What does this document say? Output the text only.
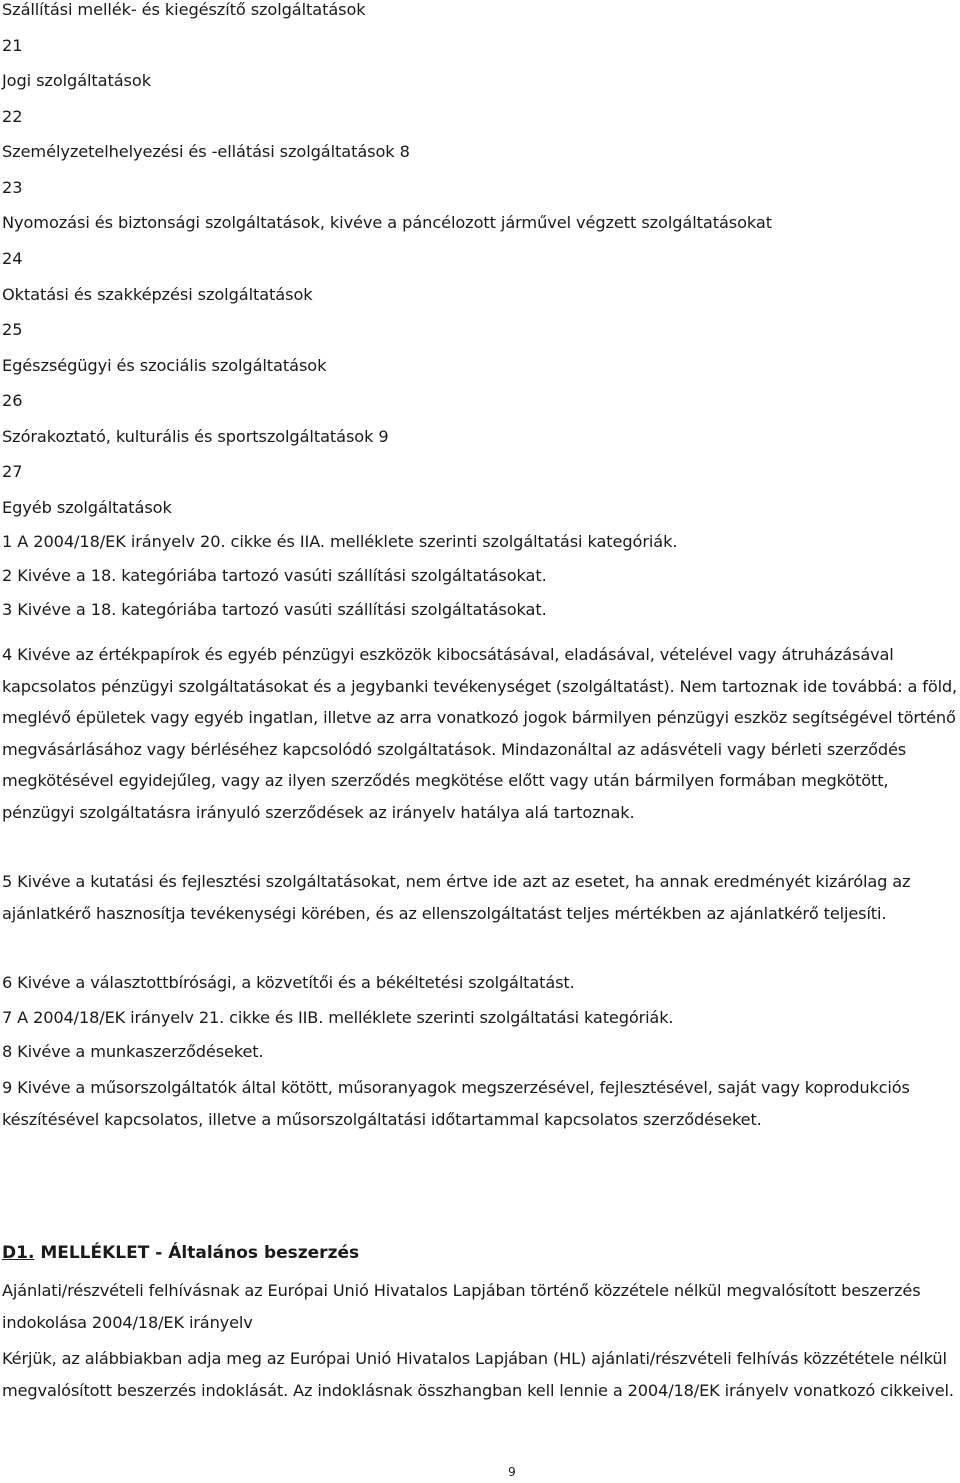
Szállítási mellék- és kiegészítő szolgáltatások

21

Jogi szolgáltatások

22

Személyzetelhelyezési és -ellátási szolgáltatások 8

23

Nyomozási és biztonsági szolgáltatások, kivéve a páncélozott járművel végzett szolgáltatásokat

24

Oktatási és szakképzési szolgáltatások

25

Egészségügyi és szociális szolgáltatások

26

Szórakoztató, kulturális és sportszolgáltatások 9

27

Egyéb szolgáltatások

1 A 2004/18/EK irányelv 20. cikke és IIA. melléklete szerinti szolgáltatási kategóriák.

2 Kivéve a 18. kategóriába tartozó vasúti szállítási szolgáltatásokat.

3 Kivéve a 18. kategóriába tartozó vasúti szállítási szolgáltatásokat.

4 Kivéve az értékpapírok és egyéb pénzügyi eszközök kibocsátásával, eladásával, vételével vagy átruházásával kapcsolatos pénzügyi szolgáltatásokat és a jegybanki tevékenységet (szolgáltatást). Nem tartoznak ide továbbá: a föld, meglévő épületek vagy egyéb ingatlan, illetve az arra vonatkozó jogok bármilyen pénzügyi eszköz segítségével történő megvásárlásához vagy bérléséhez kapcsolódó szolgáltatások. Mindazonáltal az adásvételi vagy bérleti szerződés megkötésével egyidejűleg, vagy az ilyen szerződés megkötése előtt vagy után bármilyen formában megkötött, pénzügyi szolgáltatásra irányuló szerződések az irányelv hatálya alá tartoznak.

5 Kivéve a kutatási és fejlesztési szolgáltatásokat, nem értve ide azt az esetet, ha annak eredményét kizárólag az ajánlatkérő hasznosítja tevékenységi körében, és az ellenszolgáltatást teljes mértékben az ajánlatkérő teljesíti.

6 Kivéve a választottbírósági, a közvetítői és a békéltetési szolgáltatást.

7 A 2004/18/EK irányelv 21. cikke és IIB. melléklete szerinti szolgáltatási kategóriák.

8 Kivéve a munkaszerződéseket.

9 Kivéve a műsorszolgáltatók által kötött, műsoranyagok megszerzésével, fejlesztésével, saját vagy koprodukciós készítésével kapcsolatos, illetve a műsorszolgáltatási időtartammal kapcsolatos szerződéseket.

D1. MELLÉKLET - Általános beszerzés

Ajánlati/részvételi felhívásnak az Európai Unió Hivatalos Lapjában történő közzétele nélkül megvalósított beszerzés indokolása 2004/18/EK irányelv

Kérjük, az alábbiakban adja meg az Európai Unió Hivatalos Lapjában (HL) ajánlati/részvételi felhívás közzététele nélkül megvalósított beszerzés indoklását. Az indoklásnak összhangban kell lennie a 2004/18/EK irányelv vonatkozó cikkeivel.

9
